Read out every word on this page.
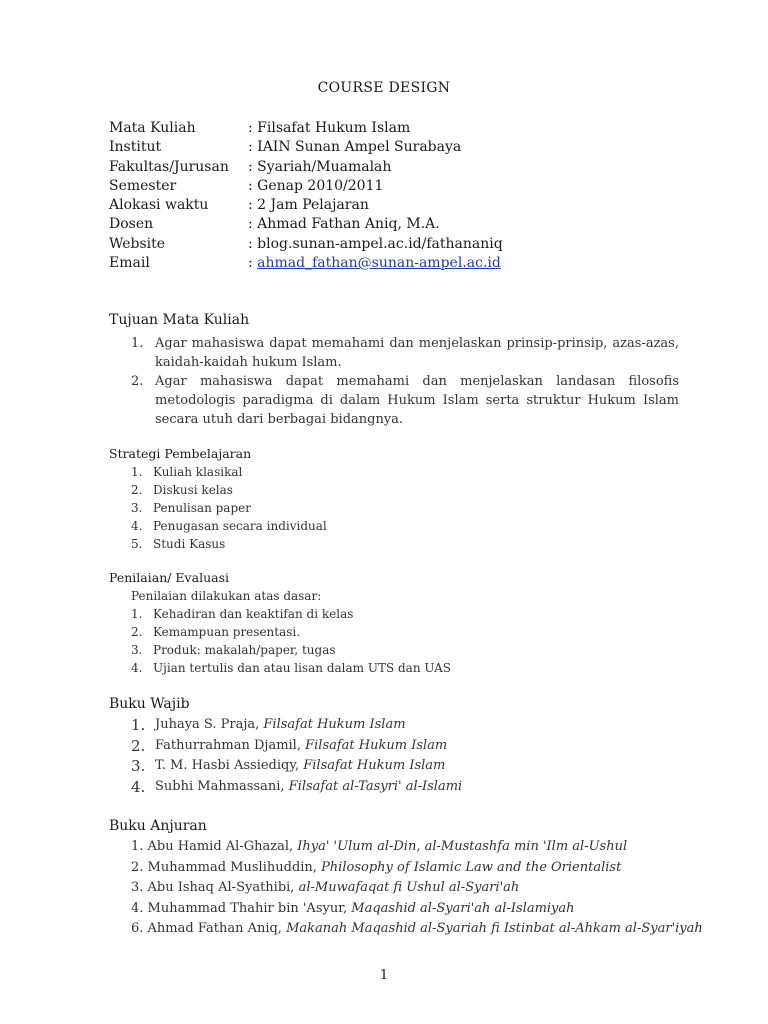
COURSE DESIGN
Mata Kuliah	: Filsafat Hukum Islam
Institut	: IAIN Sunan Ampel Surabaya
Fakultas/Jurusan : Syariah/Muamalah
Semester	: Genap 2010/2011
Alokasi waktu	: 2 Jam Pelajaran
Dosen	: Ahmad Fathan Aniq, M.A.
Website	: blog.sunan-ampel.ac.id/fathananiq
Email	: ahmad_fathan@sunan-ampel.ac.id
Tujuan Mata Kuliah
1. Agar mahasiswa dapat memahami dan menjelaskan prinsip-prinsip, azas-azas, kaidah-kaidah hukum Islam.
2. Agar mahasiswa dapat memahami dan menjelaskan landasan filosofis metodologis paradigma di dalam Hukum Islam serta struktur Hukum Islam secara utuh dari berbagai bidangnya.
Strategi Pembelajaran
1. Kuliah klasikal
2. Diskusi kelas
3. Penulisan paper
4. Penugasan secara individual
5. Studi Kasus
Penilaian/ Evaluasi
Penilaian dilakukan atas dasar:
1. Kehadiran dan keaktifan di kelas
2. Kemampuan presentasi.
3. Produk: makalah/paper, tugas
4. Ujian tertulis dan atau lisan dalam UTS dan UAS
Buku Wajib
1. Juhaya S. Praja, Filsafat Hukum Islam
2. Fathurrahman Djamil, Filsafat Hukum Islam
3. T. M. Hasbi Assiediqy, Filsafat Hukum Islam
4. Subhi Mahmassani, Filsafat al-Tasyri' al-Islami
Buku Anjuran
1. Abu Hamid Al-Ghazal, Ihya' 'Ulum al-Din, al-Mustashfa min 'Ilm al-Ushul
2. Muhammad Muslihuddin, Philosophy of Islamic Law and the Orientalist
3. Abu Ishaq Al-Syathibi, al-Muwafaqat fi Ushul al-Syari'ah
4. Muhammad Thahir bin 'Asyur, Maqashid al-Syari'ah al-Islamiyah
6. Ahmad Fathan Aniq, Makanah Maqashid al-Syariah fi Istinbat al-Ahkam al-Syar'iyah
1
